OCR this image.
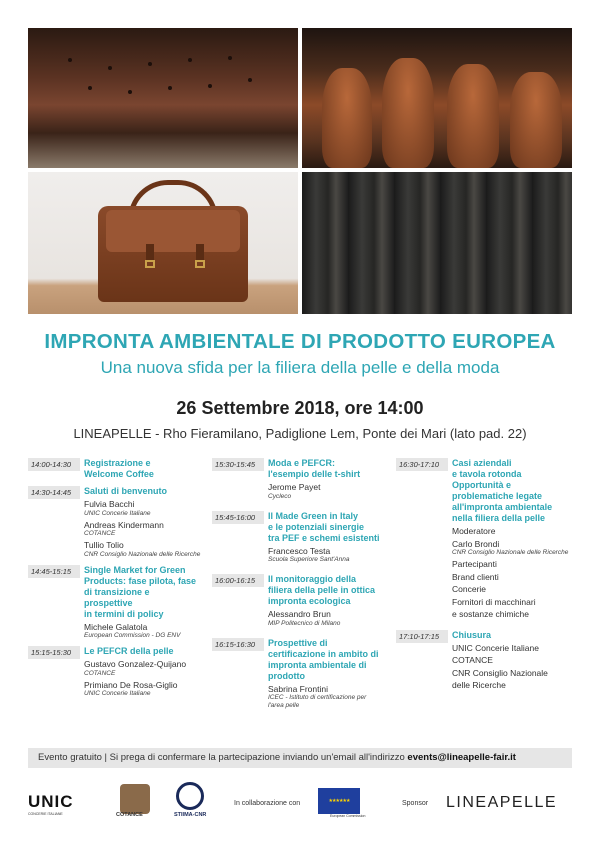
IMPRONTA AMBIENTALE DI PRODOTTO EUROPEA
Una nuova sfida per la filiera della pelle e della moda
26 Settembre 2018, ore 14:00
LINEAPELLE - Rho Fieramilano, Padiglione Lem, Ponte dei Mari (lato pad. 22)
14:00-14:30	Registrazione e
Welcome Coffee
14:30-14:45	Saluti di benvenuto
Fulvia Bacchi
UNIC Concerie Italiane
Andreas Kindermann
COTANCE
Tullio Tolio
CNR Consiglio Nazionale delle Ricerche
14:45-15:15	Single Market for Green
Products: fase pilota, fase
di transizione e
prospettive
in termini di policy
Michele Galatola
European Commission - DG ENV
15:15-15:30	Le PEFCR della pelle
Gustavo Gonzalez-Quijano
COTANCE
Primiano De Rosa-Giglio
UNIC Concerie Italiane
15:30-15:45	Moda e PEFCR:
l'esempio delle t-shirt
Jerome Payet
Cycleco
15:45-16:00	Il Made Green in Italy
e le potenziali sinergie
tra PEF e schemi esistenti
Francesco Testa
Scuola Superiore Sant'Anna
16:00-16:15	Il monitoraggio della
filiera della pelle in ottica
impronta ecologica
Alessandro Brun
MIP Politecnico di Milano
16:15-16:30	Prospettive di
certificazione in ambito di
impronta ambientale di
prodotto
Sabrina Frontini
ICEC - Istituto di certificazione per
l'area pelle
16:30-17:10	Casi aziendali
e tavola rotonda
Opportunità e
problematiche legate
all'impronta ambientale
nella filiera della pelle
Moderatore
Carlo Brondi
CNR Consiglio Nazionale delle Ricerche
Partecipanti
Brand clienti
Concerie
Fornitori di macchinari
e sostanze chimiche
17:10-17:15	Chiusura
UNIC Concerie Italiane
COTANCE
CNR Consiglio Nazionale
delle Ricerche
Evento gratuito | Si prega di confermare la partecipazione inviando un'email all'indirizzo events@lineapelle-fair.it
UNIC
CONCERIE ITALIANE	COTANCE	STIIMA-CNR
In collaborazione con	★★★★★★
European Commission
Sponsor LINEAPELLE
